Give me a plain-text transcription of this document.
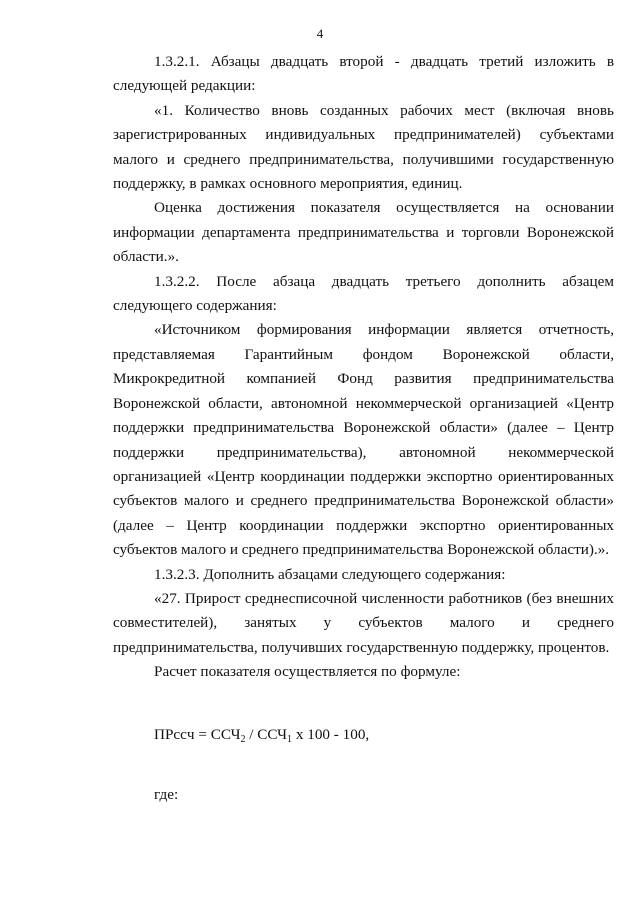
4

1.3.2.1. Абзацы двадцать второй - двадцать третий изложить в следующей редакции:

«1. Количество вновь созданных рабочих мест (включая вновь зарегистрированных индивидуальных предпринимателей) субъектами малого и среднего предпринимательства, получившими государственную поддержку, в рамках основного мероприятия, единиц.

Оценка достижения показателя осуществляется на основании информации департамента предпринимательства и торговли Воронежской области.».

1.3.2.2. После абзаца двадцать третьего дополнить абзацем следующего содержания:

«Источником формирования информации является отчетность, представляемая Гарантийным фондом Воронежской области, Микрокредитной компанией Фонд развития предпринимательства Воронежской области, автономной некоммерческой организацией «Центр поддержки предпринимательства Воронежской области» (далее – Центр поддержки предпринимательства), автономной некоммерческой организацией «Центр координации поддержки экспортно ориентированных субъектов малого и среднего предпринимательства Воронежской области» (далее – Центр координации поддержки экспортно ориентированных субъектов малого и среднего предпринимательства Воронежской области).».

1.3.2.3. Дополнить абзацами следующего содержания:

«27. Прирост среднесписочной численности работников (без внешних совместителей), занятых у субъектов малого и среднего предпринимательства, получивших государственную поддержку, процентов.

Расчет показателя осуществляется по формуле:

ПРсcч = $ССЧ_2 / ССЧ_1$ х 100 - 100,

где:
